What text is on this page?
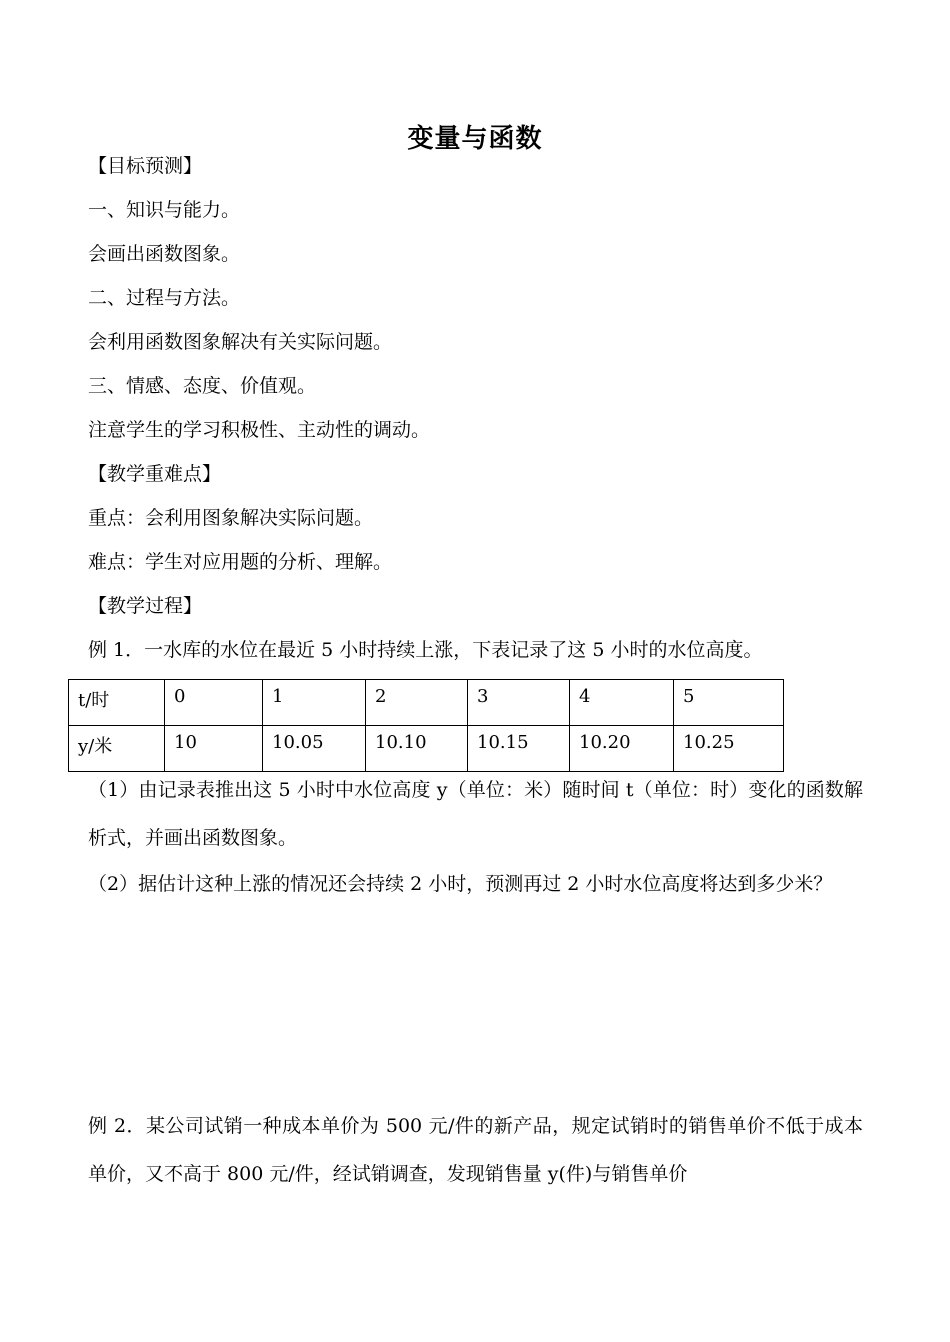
变量与函数
【目标预测】
一、知识与能力。
会画出函数图象。
二、过程与方法。
会利用函数图象解决有关实际问题。
三、情感、态度、价值观。
注意学生的学习积极性、主动性的调动。
【教学重难点】
重点：会利用图象解决实际问题。
难点：学生对应用题的分析、理解。
【教学过程】
例 1．一水库的水位在最近 5 小时持续上涨，下表记录了这 5 小时的水位高度。
t/时	0	1	2	3	4	5
y/米	10	10.05	10.10	10.15	10.20	10.25
（1）由记录表推出这 5 小时中水位高度 y（单位：米）随时间 t（单位：时）变化的函数解析式，并画出函数图象。
（2）据估计这种上涨的情况还会持续 2 小时，预测再过 2 小时水位高度将达到多少米？
例 2．某公司试销一种成本单价为 500 元/件的新产品，规定试销时的销售单价不低于成本单价，又不高于 800 元/件，经试销调查，发现销售量 y(件)与销售单价
